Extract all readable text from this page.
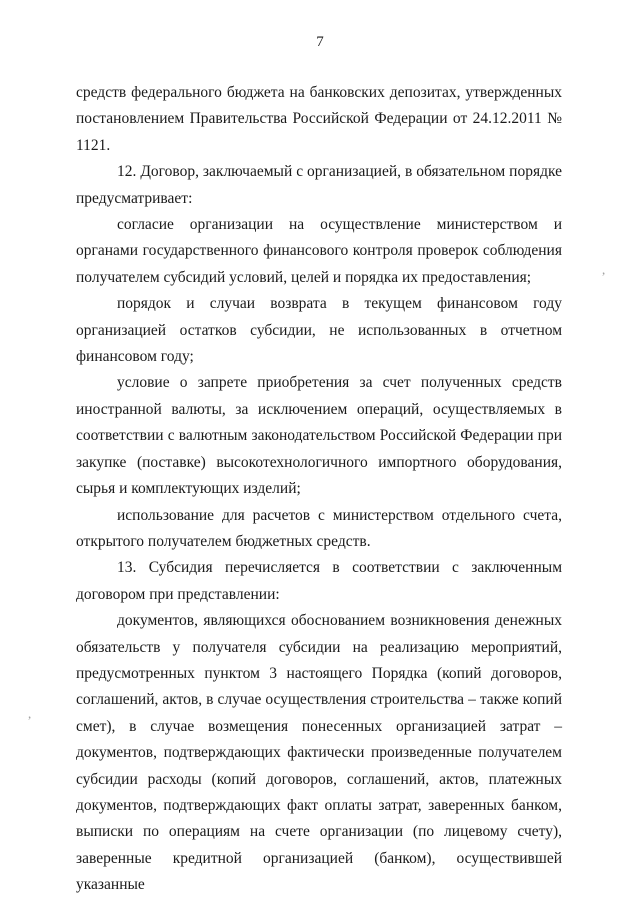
7

средств федерального бюджета на банковских депозитах, утвержденных постановлением Правительства Российской Федерации от 24.12.2011 № 1121.

12. Договор, заключаемый с организацией, в обязательном порядке предусматривает:

согласие организации на осуществление министерством и органами государственного финансового контроля проверок соблюдения получателем субсидий условий, целей и порядка их предоставления;

порядок и случаи возврата в текущем финансовом году организацией остатков субсидии, не использованных в отчетном финансовом году;

условие о запрете приобретения за счет полученных средств иностранной валюты, за исключением операций, осуществляемых в соответствии с валютным законодательством Российской Федерации при закупке (поставке) высокотехнологичного импортного оборудования, сырья и комплектующих изделий;

использование для расчетов с министерством отдельного счета, открытого получателем бюджетных средств.

13. Субсидия перечисляется в соответствии с заключенным договором при представлении:

документов, являющихся обоснованием возникновения денежных обязательств у получателя субсидии на реализацию мероприятий, предусмотренных пунктом 3 настоящего Порядка (копий договоров, соглашений, актов, в случае осуществления строительства – также копий смет), в случае возмещения понесенных организацией затрат – документов, подтверждающих фактически произведенные получателем субсидии расходы (копий договоров, соглашений, актов, платежных документов, подтверждающих факт оплаты затрат, заверенных банком, выписки по операциям на счете организации (по лицевому счету), заверенные кредитной организацией (банком), осуществившей указанные

,
,
